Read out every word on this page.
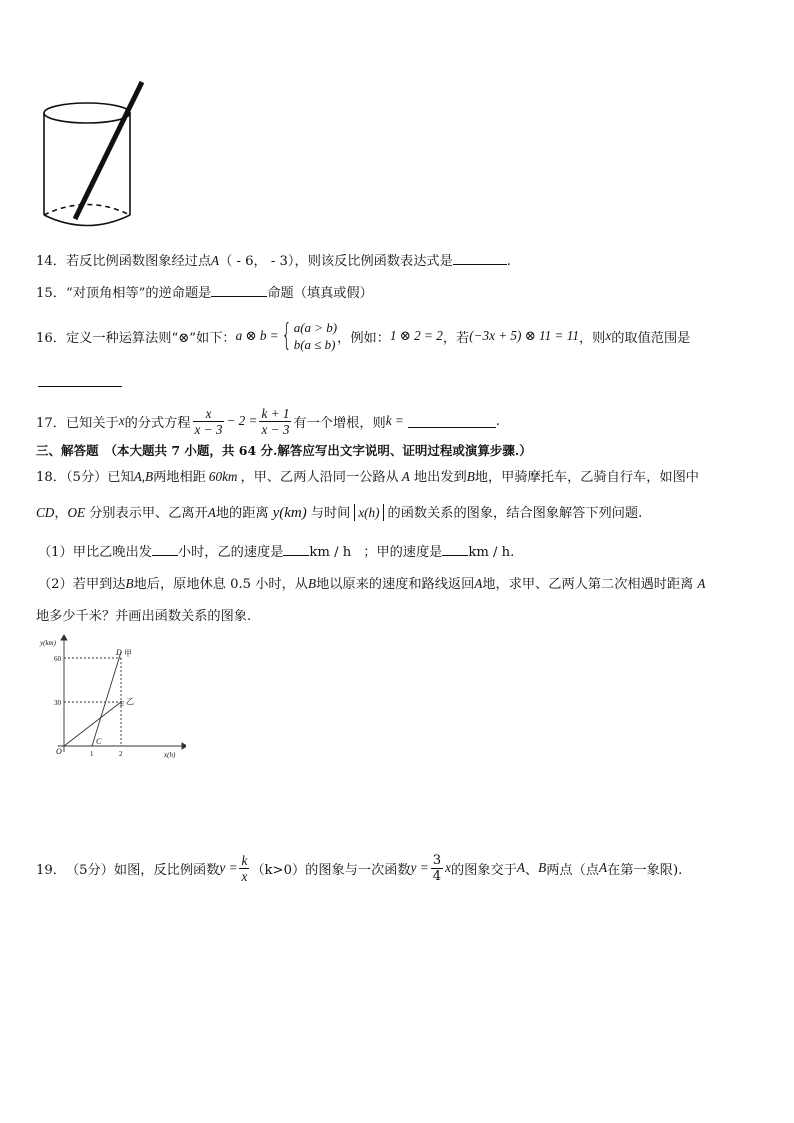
14．若反比例函数图象经过点A（ - 6， - 3），则该反比例函数表达式是	.
15．“对顶角相等”的逆命题是	命题（填真或假）
16． 定义一种运算法则“⊗”如下： a ⊗ b = { a(a > b)
b(a ≤ b) ，例如： 1 ⊗ 2 = 2 ，若 (−3x + 5) ⊗ 11 = 11 ，则 x 的取值范围是
17． 已知关于 x 的分式方程 $\frac{x}{x - 3} - 2 = \frac{k + 1}{x - 3}$ 有一个增根，则 k =	.
三、解答题 （本大题共 7 小题，共 64 分.解答应写出文字说明、证明过程或演算步骤.）
18．（5分）已知A,B两地相距 60km ，甲、乙两人沿同一公路从 A 地出发到B地，甲骑摩托车，乙骑自行车，如图中
CD，OE 分别表示甲、乙离开A地的距离 y(km) 与时间 x(h) 的函数关系的图象，结合图象解答下列问题.
（1）甲比乙晚出发 小时，乙的速度是 km / h ；甲的速度是 km / h.
（2）若甲到达B地后，原地休息 0.5 小时，从B地以原来的速度和路线返回A地，求甲、乙两人第二次相遇时距离 A
地多少千米？并画出函数关系的图象.
y(km)
x(h)
60
30
1	2
O
C
D
E
甲
乙
19． （5分） 如图，反比例函数 $y = \frac{k}{x} (k>0)$ 的图象与一次函数 $y = \frac{3}{4}$ x 的图象交于 A 、 B 两点（点 A 在第一象限).
